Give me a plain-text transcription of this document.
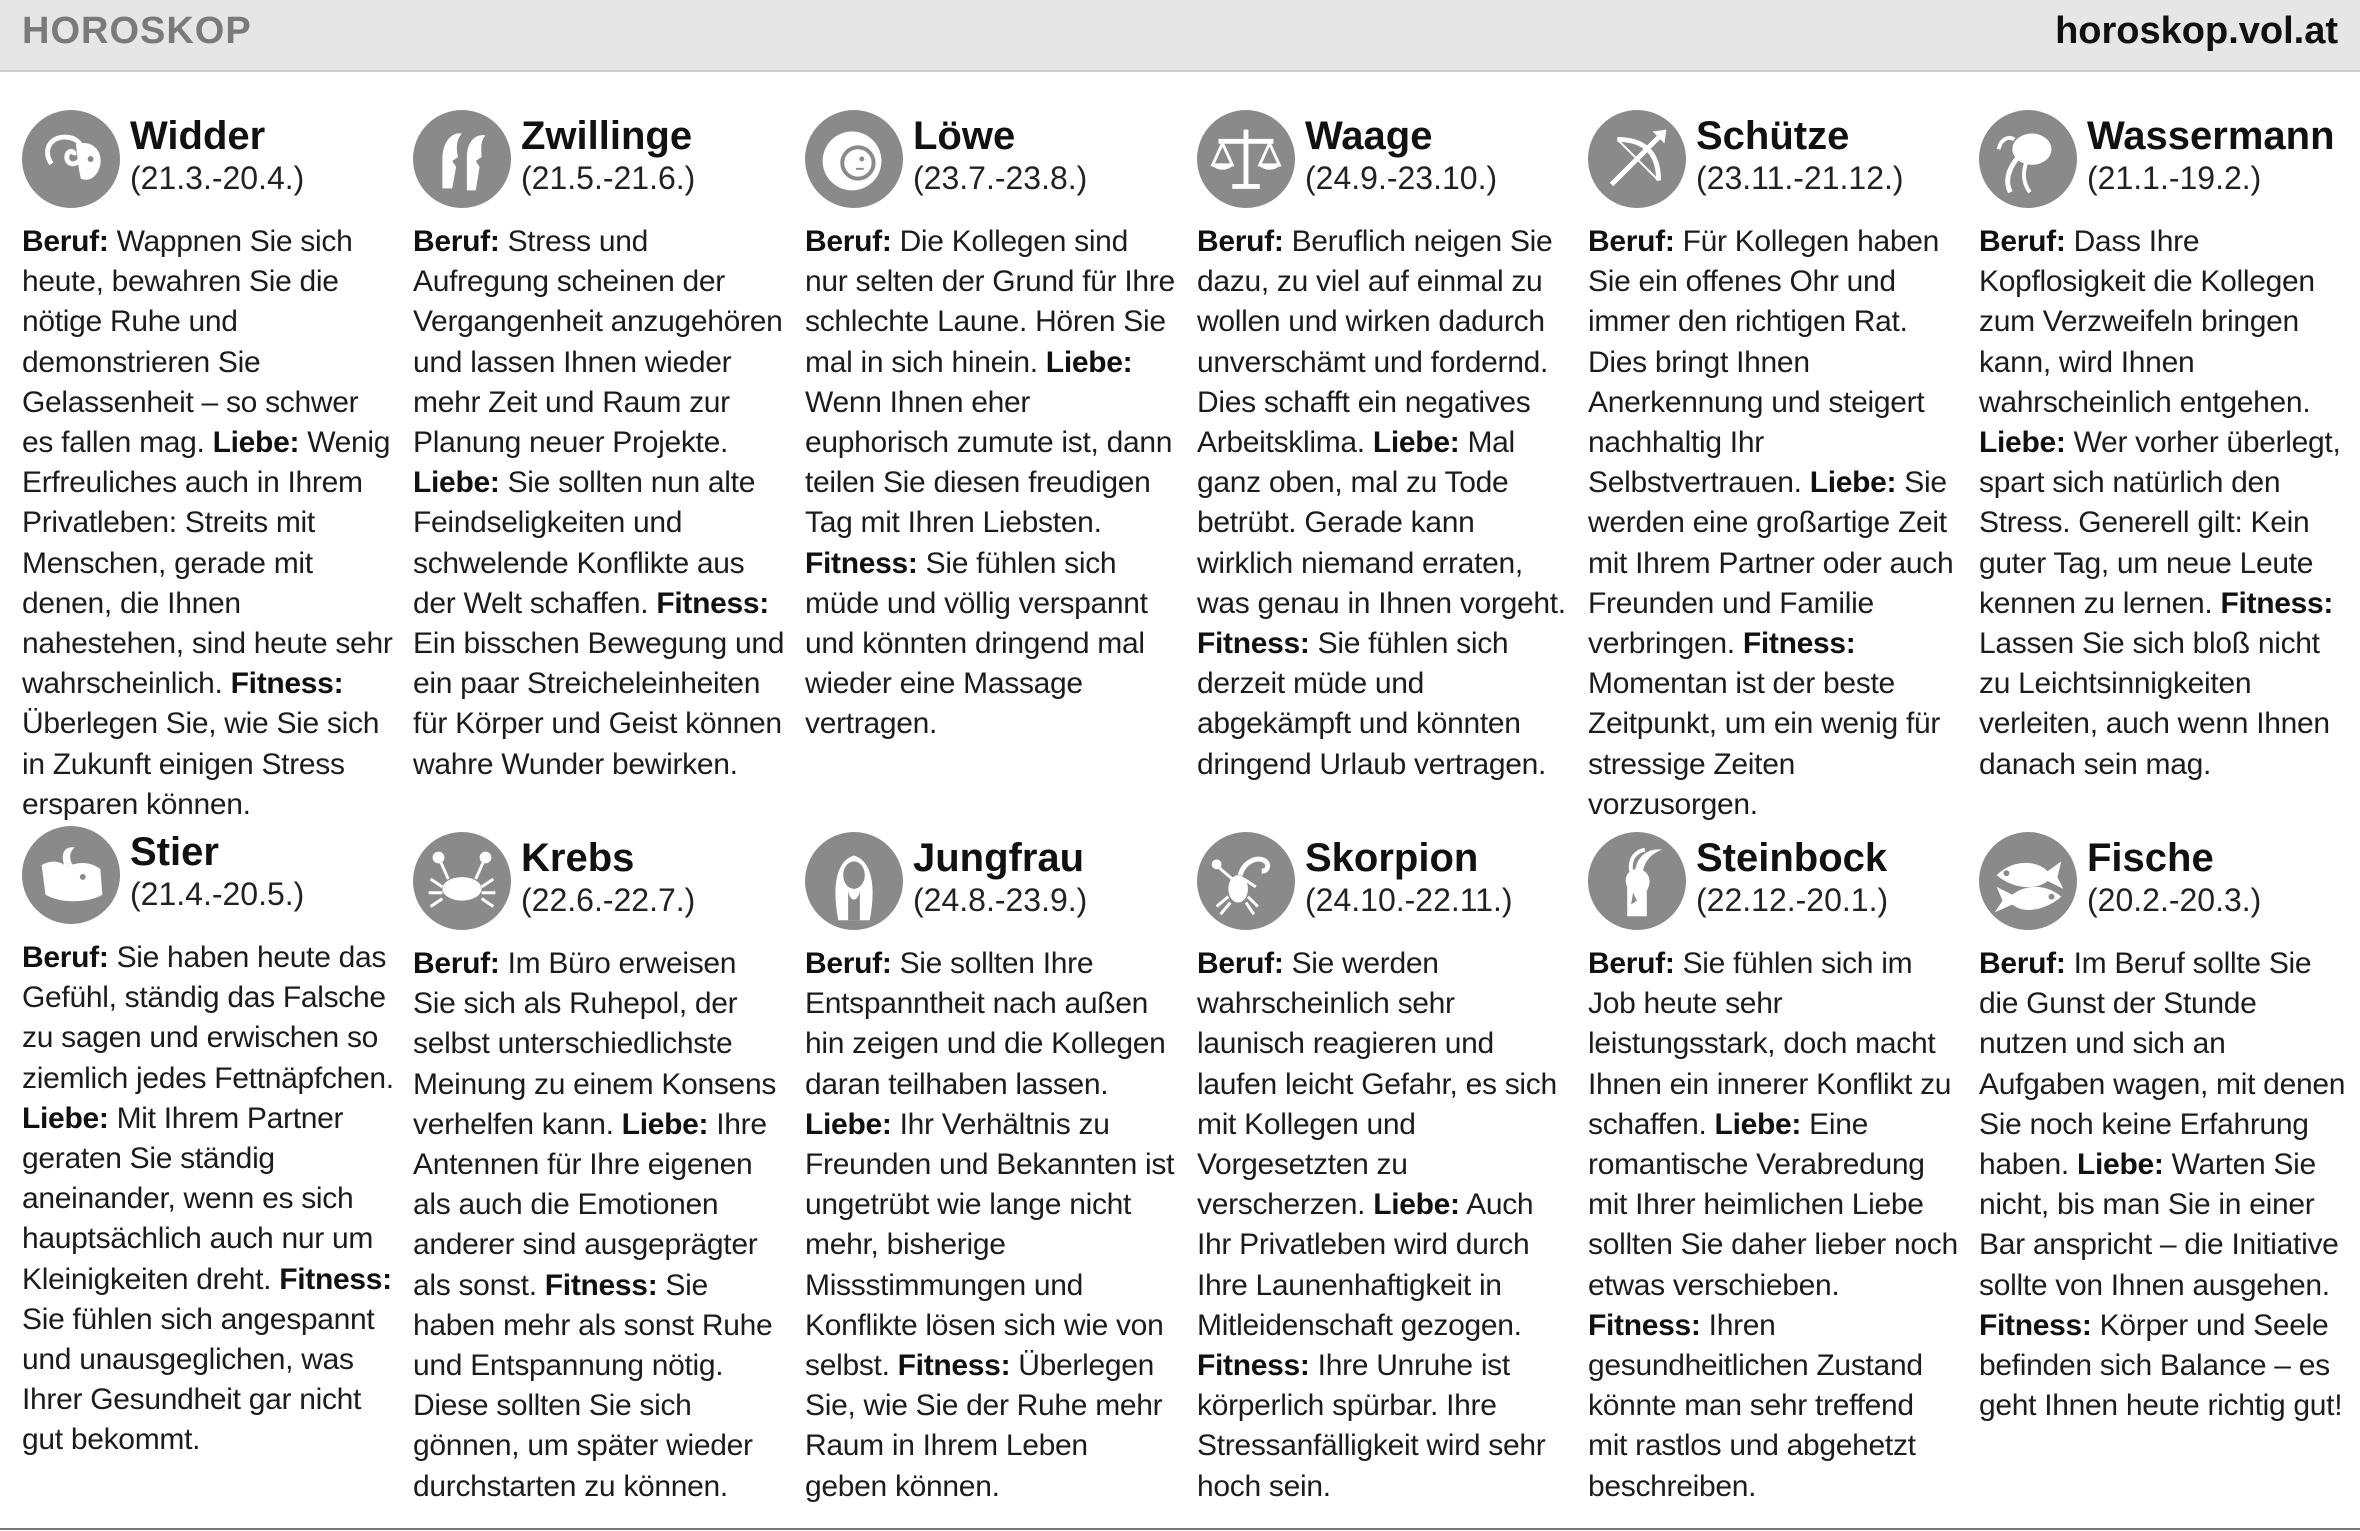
HOROSKOP	horoskop.vol.at
Widder
(21.3.-20.4.)
Beruf: Wappnen Sie sich heute, bewahren Sie die nötige Ruhe und demonstrieren Sie Gelassenheit – so schwer es fallen mag. Liebe: Wenig Erfreuliches auch in Ihrem Privatleben: Streits mit Menschen, gerade mit denen, die Ihnen nahestehen, sind heute sehr wahrscheinlich. Fitness: Überlegen Sie, wie Sie sich in Zukunft einigen Stress ersparen können.
Zwillinge
(21.5.-21.6.)
Beruf: Stress und Aufregung scheinen der Vergangenheit anzugehören und lassen Ihnen wieder mehr Zeit und Raum zur Planung neuer Projekte. Liebe: Sie sollten nun alte Feindseligkeiten und schwelende Konflikte aus der Welt schaffen. Fitness: Ein bisschen Bewegung und ein paar Streicheleinheiten für Körper und Geist können wahre Wunder bewirken.
Löwe
(23.7.-23.8.)
Beruf: Die Kollegen sind nur selten der Grund für Ihre schlechte Laune. Hören Sie mal in sich hinein. Liebe: Wenn Ihnen eher euphorisch zumute ist, dann teilen Sie diesen freudigen Tag mit Ihren Liebsten. Fitness: Sie fühlen sich müde und völlig verspannt und könnten dringend mal wieder eine Massage vertragen.
Waage
(24.9.-23.10.)
Beruf: Beruflich neigen Sie dazu, zu viel auf einmal zu wollen und wirken dadurch unverschämt und fordernd. Dies schafft ein negatives Arbeitsklima. Liebe: Mal ganz oben, mal zu Tode betrübt. Gerade kann wirklich niemand erraten, was genau in Ihnen vorgeht. Fitness: Sie fühlen sich derzeit müde und abgekämpft und könnten dringend Urlaub vertragen.
Schütze
(23.11.-21.12.)
Beruf: Für Kollegen haben Sie ein offenes Ohr und immer den richtigen Rat. Dies bringt Ihnen Anerkennung und steigert nachhaltig Ihr Selbstvertrauen. Liebe: Sie werden eine großartige Zeit mit Ihrem Partner oder auch Freunden und Familie verbringen. Fitness: Momentan ist der beste Zeitpunkt, um ein wenig für stressige Zeiten vorzusorgen.
Wassermann
(21.1.-19.2.)
Beruf: Dass Ihre Kopflosigkeit die Kollegen zum Verzweifeln bringen kann, wird Ihnen wahrscheinlich entgehen. Liebe: Wer vorher überlegt, spart sich natürlich den Stress. Generell gilt: Kein guter Tag, um neue Leute kennen zu lernen. Fitness: Lassen Sie sich bloß nicht zu Leichtsinnigkeiten verleiten, auch wenn Ihnen danach sein mag.
Stier
(21.4.-20.5.)
Beruf: Sie haben heute das Gefühl, ständig das Falsche zu sagen und erwischen so ziemlich jedes Fettnäpfchen. Liebe: Mit Ihrem Partner geraten Sie ständig aneinander, wenn es sich hauptsächlich auch nur um Kleinigkeiten dreht. Fitness: Sie fühlen sich angespannt und unausgeglichen, was Ihrer Gesundheit gar nicht gut bekommt.
Krebs
(22.6.-22.7.)
Beruf: Im Büro erweisen Sie sich als Ruhepol, der selbst unterschiedlichste Meinung zu einem Konsens verhelfen kann. Liebe: Ihre Antennen für Ihre eigenen als auch die Emotionen anderer sind ausgeprägter als sonst. Fitness: Sie haben mehr als sonst Ruhe und Entspannung nötig. Diese sollten Sie sich gönnen, um später wieder durchstarten zu können.
Jungfrau
(24.8.-23.9.)
Beruf: Sie sollten Ihre Entspanntheit nach außen hin zeigen und die Kollegen daran teilhaben lassen. Liebe: Ihr Verhältnis zu Freunden und Bekannten ist ungetrübt wie lange nicht mehr, bisherige Missstimmungen und Konflikte lösen sich wie von selbst. Fitness: Überlegen Sie, wie Sie der Ruhe mehr Raum in Ihrem Leben geben können.
Skorpion
(24.10.-22.11.)
Beruf: Sie werden wahrscheinlich sehr launisch reagieren und laufen leicht Gefahr, es sich mit Kollegen und Vorgesetzten zu verscherzen. Liebe: Auch Ihr Privatleben wird durch Ihre Launenhaftigkeit in Mitleidenschaft gezogen. Fitness: Ihre Unruhe ist körperlich spürbar. Ihre Stressanfälligkeit wird sehr hoch sein.
Steinbock
(22.12.-20.1.)
Beruf: Sie fühlen sich im Job heute sehr leistungsstark, doch macht Ihnen ein innerer Konflikt zu schaffen. Liebe: Eine romantische Verabredung mit Ihrer heimlichen Liebe sollten Sie daher lieber noch etwas verschieben. Fitness: Ihren gesundheitlichen Zustand könnte man sehr treffend mit rastlos und abgehetzt beschreiben.
Fische
(20.2.-20.3.)
Beruf: Im Beruf sollte Sie die Gunst der Stunde nutzen und sich an Aufgaben wagen, mit denen Sie noch keine Erfahrung haben. Liebe: Warten Sie nicht, bis man Sie in einer Bar anspricht – die Initiative sollte von Ihnen ausgehen. Fitness: Körper und Seele befinden sich Balance – es geht Ihnen heute richtig gut!
